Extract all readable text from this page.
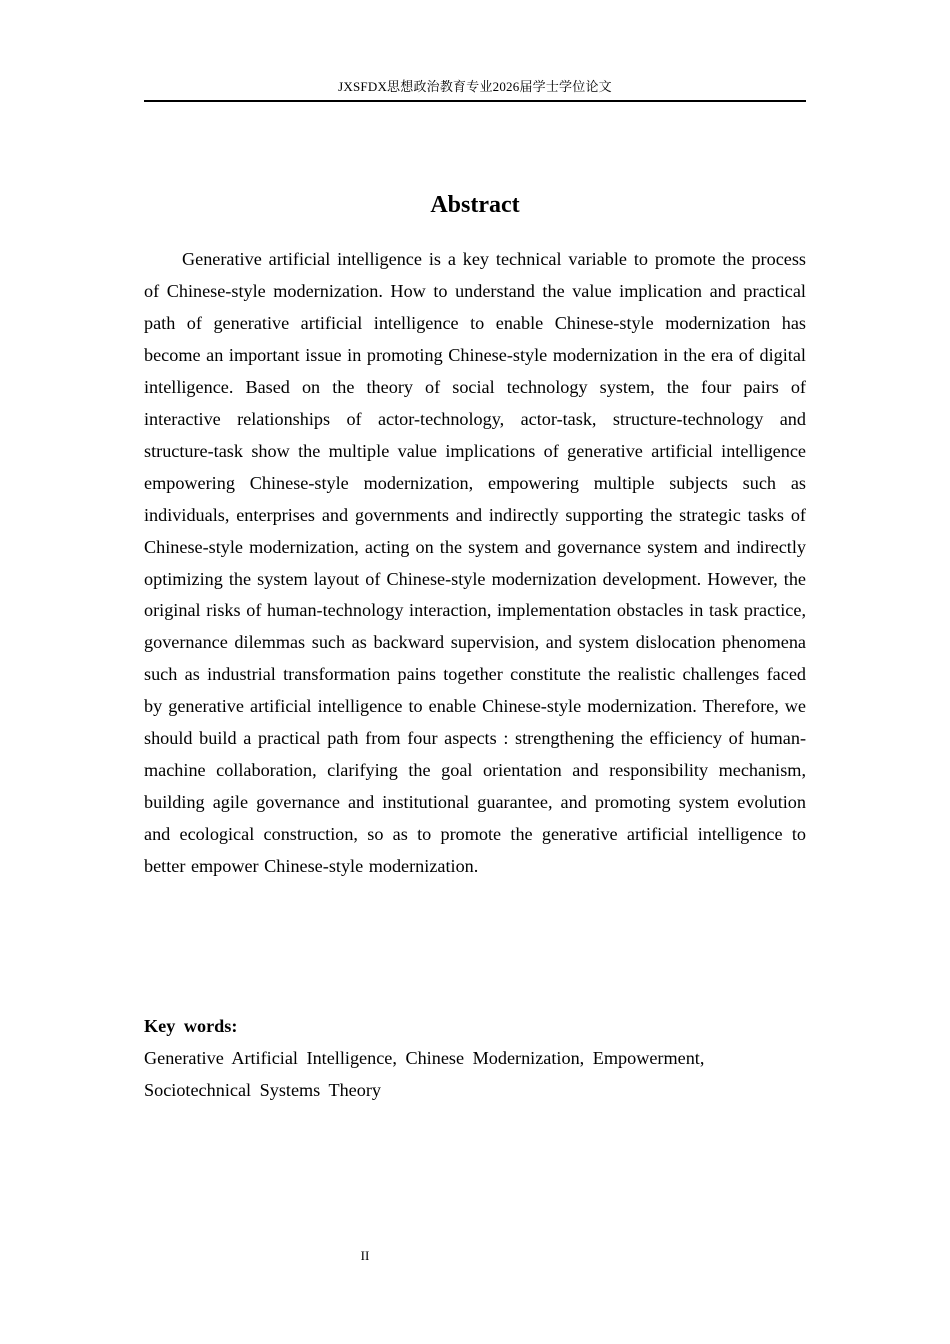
JXSFDX思想政治教育专业2026届学士学位论文
Abstract

Generative artificial intelligence is a key technical variable to promote the process of Chinese-style modernization. How to understand the value implication and practical path of generative artificial intelligence to enable Chinese-style modernization has become an important issue in promoting Chinese-style modernization in the era of digital intelligence. Based on the theory of social technology system, the four pairs of interactive relationships of actor-technology, actor-task, structure-technology and structure-task show the multiple value implications of generative artificial intelligence empowering Chinese-style modernization, empowering multiple subjects such as individuals, enterprises and governments and indirectly supporting the strategic tasks of Chinese-style modernization, acting on the system and governance system and indirectly optimizing the system layout of Chinese-style modernization development. However, the original risks of human-technology interaction, implementation obstacles in task practice, governance dilemmas such as backward supervision, and system dislocation phenomena such as industrial transformation pains together constitute the realistic challenges faced by generative artificial intelligence to enable Chinese-style modernization. Therefore, we should build a practical path from four aspects : strengthening the efficiency of human-machine collaboration, clarifying the goal orientation and responsibility mechanism, building agile governance and institutional guarantee, and promoting system evolution and ecological construction, so as to promote the generative artificial intelligence to better empower Chinese-style modernization.

Key words:

Generative Artificial Intelligence, Chinese Modernization, Empowerment, Sociotechnical Systems Theory

II
